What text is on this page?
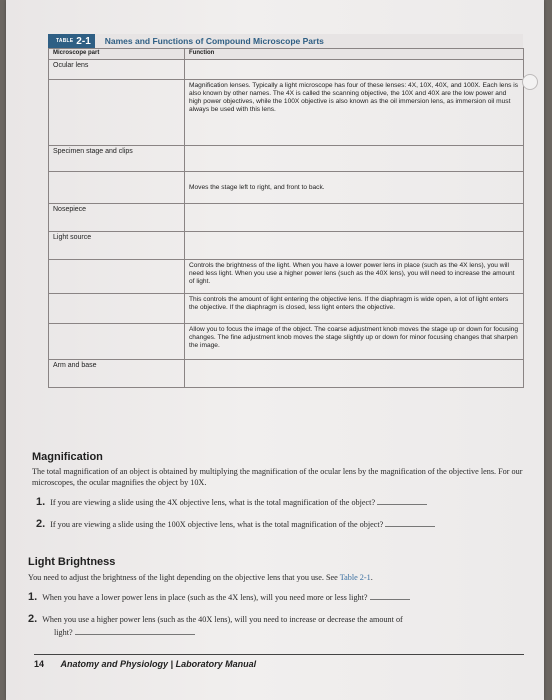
TABLE 2-1 Names and Functions of Compound Microscope Parts
Microscope part	Function
Ocular lens	
	Magnification lenses. Typically a light microscope has four of these lenses: 4X, 10X, 40X, and 100X. Each lens is also known by other names. The 4X is called the scanning objective, the 10X and 40X are the low power and high power objectives, while the 100X objective is also known as the oil immersion lens, as immersion oil must always be used with this lens.
Specimen stage and clips	
	Moves the stage left to right, and front to back.
Nosepiece	
Light source	
	Controls the brightness of the light. When you have a lower power lens in place (such as the 4X lens), you will need less light. When you use a higher power lens (such as the 40X lens), you will need to increase the amount of light.
	This controls the amount of light entering the objective lens. If the diaphragm is wide open, a lot of light enters the objective. If the diaphragm is closed, less light enters the objective.
	Allow you to focus the image of the object. The coarse adjustment knob moves the stage up or down for focusing changes. The fine adjustment knob moves the stage slightly up or down for minor focusing changes that sharpen the image.
Arm and base	
Magnification
The total magnification of an object is obtained by multiplying the magnification of the ocular lens by the magnification of the objective lens. For our microscopes, the ocular magnifies the object by 10X.
1. If you are viewing a slide using the 4X objective lens, what is the total magnification of the object?
2. If you are viewing a slide using the 100X objective lens, what is the total magnification of the object?
Light Brightness
You need to adjust the brightness of the light depending on the objective lens that you use. See Table 2-1.
1. When you have a lower power lens in place (such as the 4X lens), will you need more or less light?
2. When you use a higher power lens (such as the 40X lens), will you need to increase or decrease the amount of
light?
14 Anatomy and Physiology | Laboratory Manual
